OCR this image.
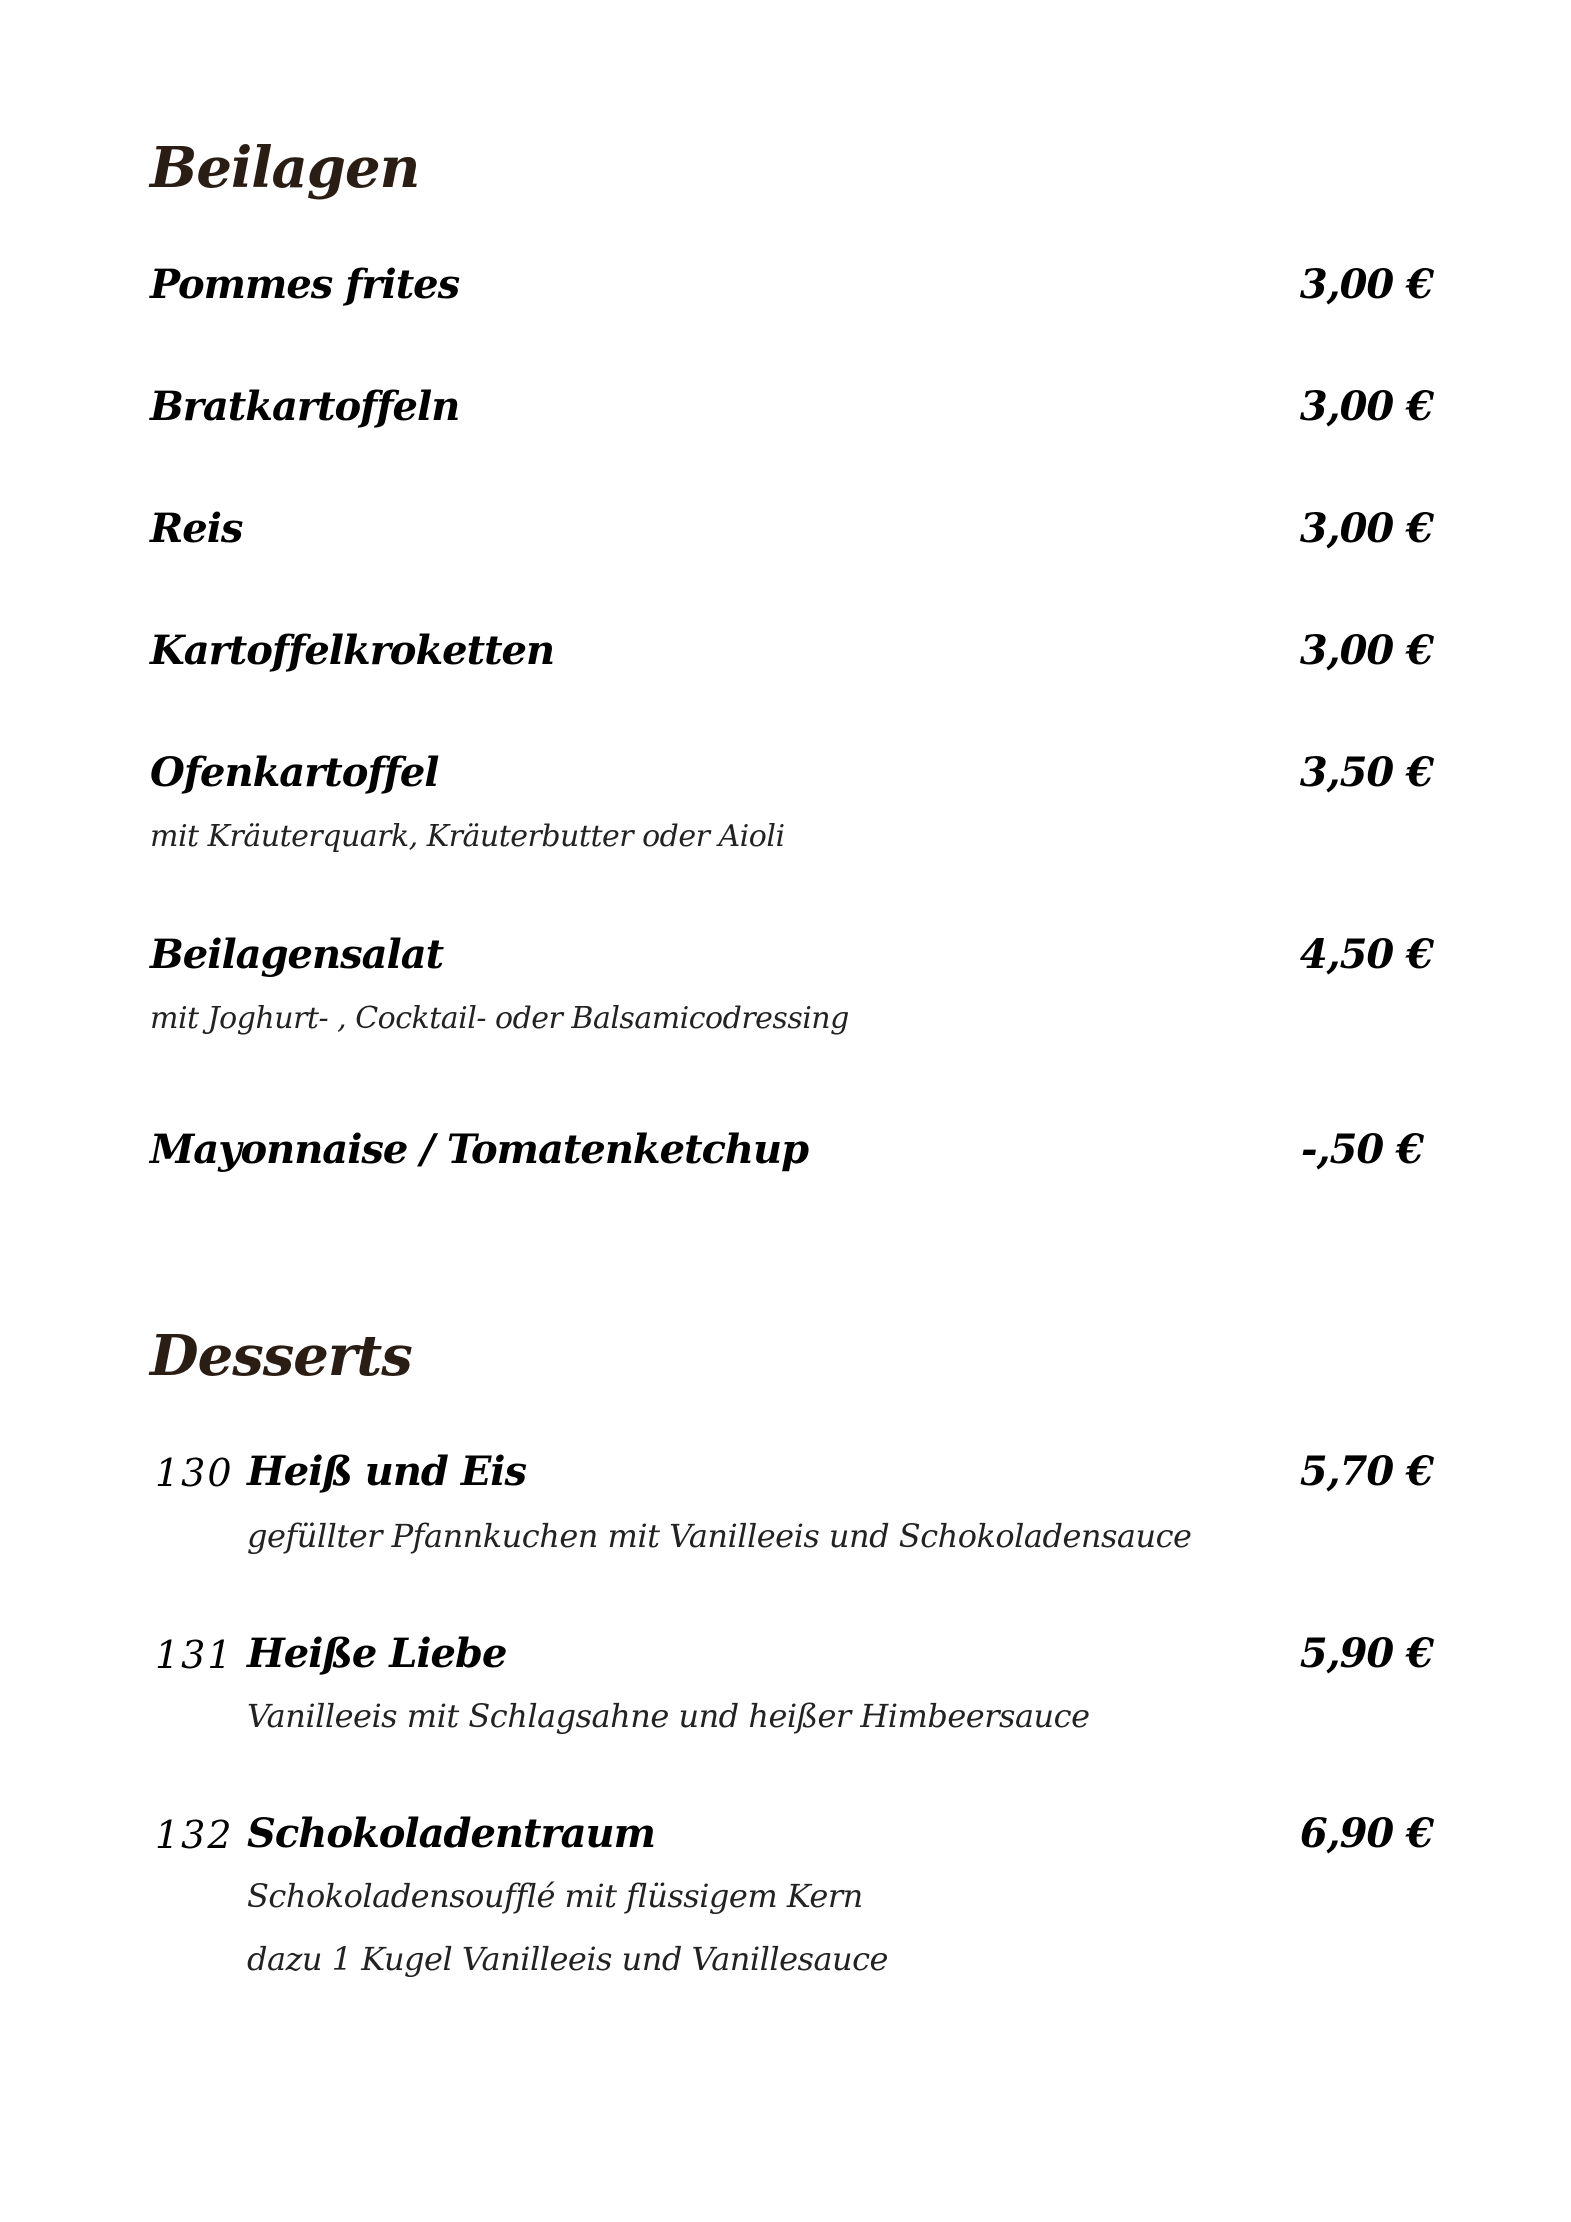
Beilagen
Pommes frites	3,00 €
Bratkartoffeln	3,00 €
Reis	3,00 €
Kartoffelkroketten	3,00 €
Ofenkartoffel	3,50 €
mit Kräuterquark, Kräuterbutter oder Aioli
Beilagensalat	4,50 €
mit Joghurt- , Cocktail- oder Balsamicodressing
Mayonnaise / Tomatenketchup	-,50 €
Desserts
130 Heiß und Eis	5,70 €
gefüllter Pfannkuchen mit Vanilleeis und Schokoladensauce
131 Heiße Liebe	5,90 €
Vanilleeis mit Schlagsahne und heißer Himbeersauce
132 Schokoladentraum	6,90 €
Schokoladensoufflé mit flüssigem Kern
dazu 1 Kugel Vanilleeis und Vanillesauce
